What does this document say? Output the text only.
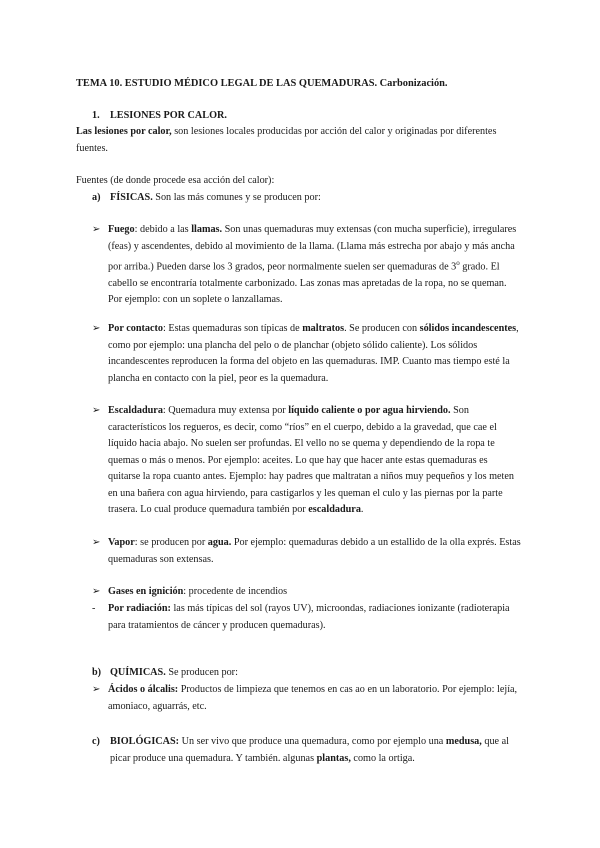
TEMA 10. ESTUDIO MÉDICO LEGAL DE LAS QUEMADURAS. Carbonización.

1. LESIONES POR CALOR.

Las lesiones por calor, son lesiones locales producidas por acción del calor y originadas por diferentes fuentes.

Fuentes (de donde procede esa acción del calor):

a) FÍSICAS. Son las más comunes y se producen por:

➢ Fuego: debido a las llamas. Son unas quemaduras muy extensas (con mucha superficie), irregulares (feas) y ascendentes, debido al movimiento de la llama. (Llama más estrecha por abajo y más ancha por arriba.) Pueden darse los 3 grados, peor normalmente suelen ser quemaduras de 3$^o$ grado. El cabello se encontraría totalmente carbonizado. Las zonas mas apretadas de la ropa, no se queman. Por ejemplo: con un soplete o lanzallamas.
➢ Por contacto: Estas quemaduras son típicas de maltratos. Se producen con sólidos incandescentes, como por ejemplo: una plancha del pelo o de planchar (objeto sólido caliente). Los sólidos incandescentes reproducen la forma del objeto en las quemaduras. IMP. Cuanto mas tiempo esté la plancha en contacto con la piel, peor es la quemadura.
➢ Escaldadura: Quemadura muy extensa por líquido caliente o por agua hirviendo. Son característicos los regueros, es decir, como “ríos” en el cuerpo, debido a la gravedad, que cae el líquido hacia abajo. No suelen ser profundas. El vello no se quema y dependiendo de la ropa te quemas o más o menos. Por ejemplo: aceites. Lo que hay que hacer ante estas quemaduras es quitarse la ropa cuanto antes. Ejemplo: hay padres que maltratan a niños muy pequeños y los meten en una bañera con agua hirviendo, para castigarlos y les queman el culo y las piernas por la parte trasera. Lo cual produce quemadura también por escaldadura.
➢ Vapor: se producen por agua. Por ejemplo: quemaduras debido a un estallido de la olla exprés. Estas quemaduras son extensas.
➢ Gases en ignición: procedente de incendios
-	Por radiación: las más típicas del sol (rayos UV), microondas, radiaciones ionizante (radioterapia para tratamientos de cáncer y producen quemaduras).

b) QUÍMICAS. Se producen por:

➢ Ácidos o álcalis: Productos de limpieza que tenemos en cas ao en un laboratorio. Por ejemplo: lejía, amoniaco, aguarrás, etc.
c) BIOLÓGICAS: Un ser vivo que produce una quemadura, como por ejemplo una medusa, que al picar produce una quemadura. Y también. algunas plantas, como la ortiga.
